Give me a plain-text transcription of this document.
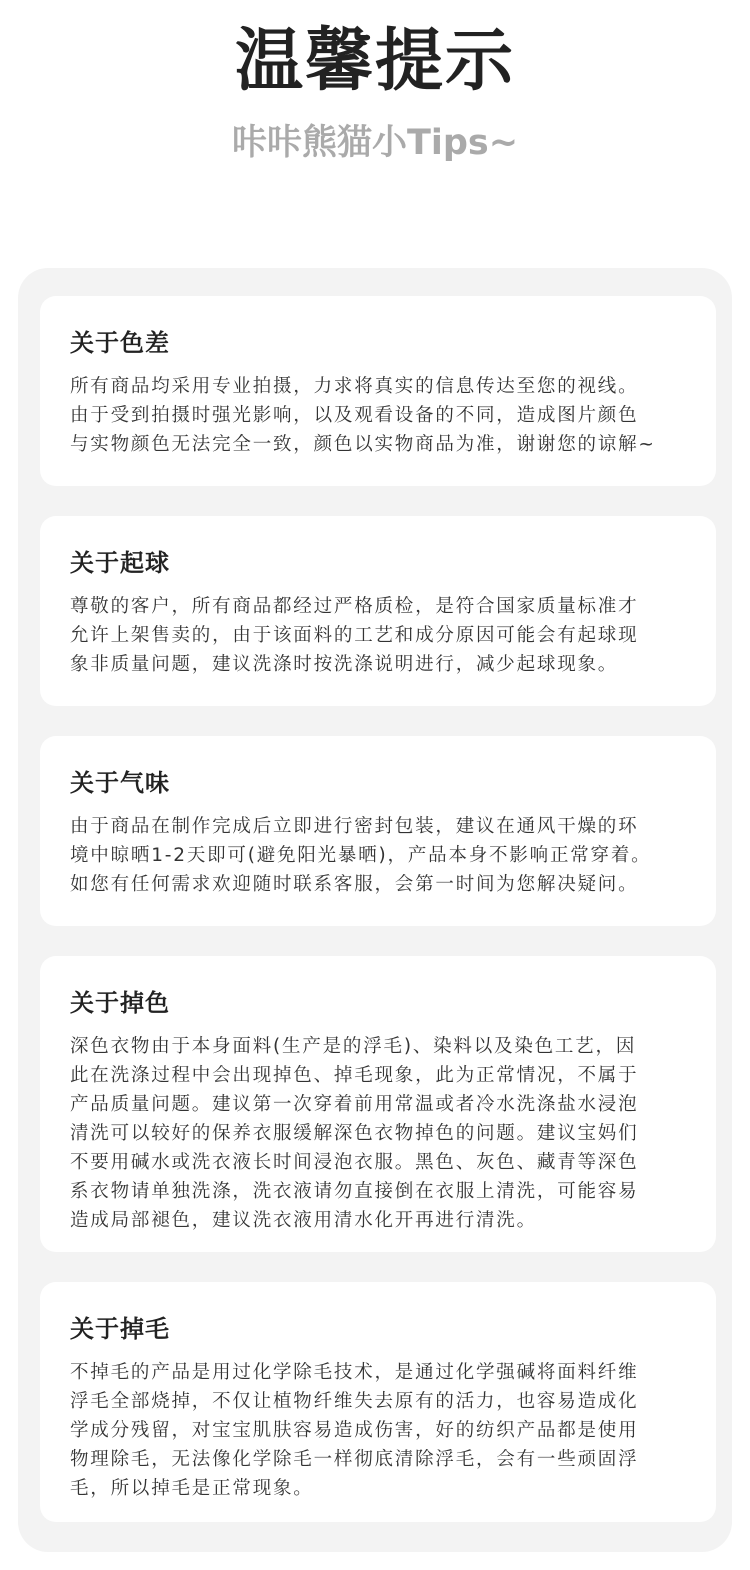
温馨提示
咔咔熊猫小Tips~
关于色差

所有商品均采用专业拍摄，力求将真实的信息传达至您的视线。
由于受到拍摄时强光影响，以及观看设备的不同，造成图片颜色
与实物颜色无法完全一致，颜色以实物商品为准，谢谢您的谅解~

关于起球

尊敬的客户，所有商品都经过严格质检，是符合国家质量标准才
允许上架售卖的，由于该面料的工艺和成分原因可能会有起球现
象非质量问题，建议洗涤时按洗涤说明进行，减少起球现象。

关于气味

由于商品在制作完成后立即进行密封包装，建议在通风干燥的环
境中晾晒1-2天即可(避免阳光暴晒)，产品本身不影响正常穿着。
如您有任何需求欢迎随时联系客服，会第一时间为您解决疑问。

关于掉色

深色衣物由于本身面料(生产是的浮毛)、染料以及染色工艺，因
此在洗涤过程中会出现掉色、掉毛现象，此为正常情况，不属于
产品质量问题。建议第一次穿着前用常温或者冷水洗涤盐水浸泡
清洗可以较好的保养衣服缓解深色衣物掉色的问题。建议宝妈们
不要用碱水或洗衣液长时间浸泡衣服。黑色、灰色、藏青等深色
系衣物请单独洗涤，洗衣液请勿直接倒在衣服上清洗，可能容易
造成局部褪色，建议洗衣液用清水化开再进行清洗。

关于掉毛

不掉毛的产品是用过化学除毛技术，是通过化学强碱将面料纤维
浮毛全部烧掉，不仅让植物纤维失去原有的活力，也容易造成化
学成分残留，对宝宝肌肤容易造成伤害，好的纺织产品都是使用
物理除毛，无法像化学除毛一样彻底清除浮毛，会有一些顽固浮
毛，所以掉毛是正常现象。
